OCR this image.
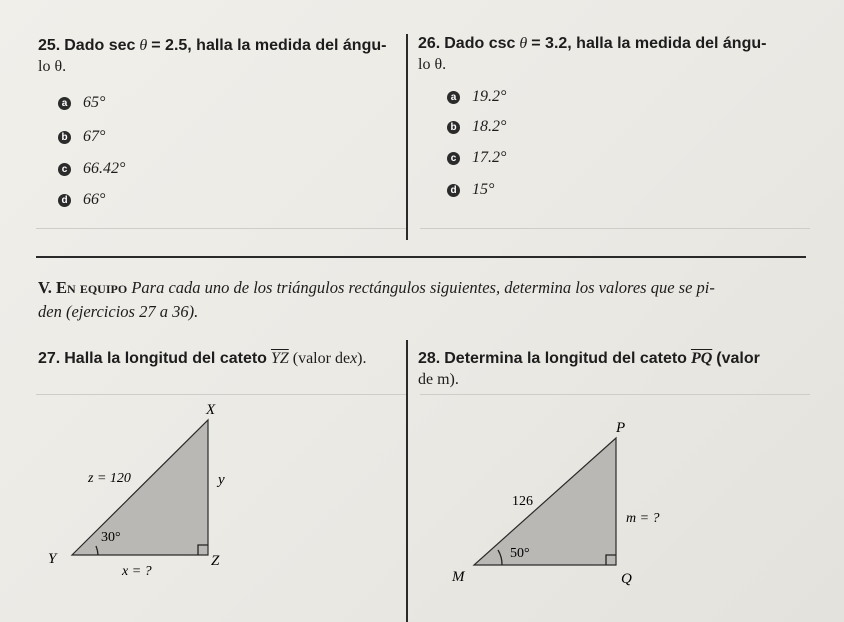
25. Dado sec θ = 2.5, halla la medida del ángu-
lo θ.
a 65°
b 67°
c 66.42°
d 66°
26. Dado csc θ = 3.2, halla la medida del ángu-
lo θ.
a 19.2°
b 18.2°
c 17.2°
d 15°
V. En equipo Para cada uno de los triángulos rectángulos siguientes, determina los valores que se pi-
den (ejercicios 27 a 36).
27. Halla la longitud del cateto $\overline{YZ}$ (valor dex).	28. Determina la longitud del cateto $\overline{PQ}$ (valor
de m).
X
Y	Z
z = 120	y
30°
x = ?
P
M	Q
126
m = ?
50°
